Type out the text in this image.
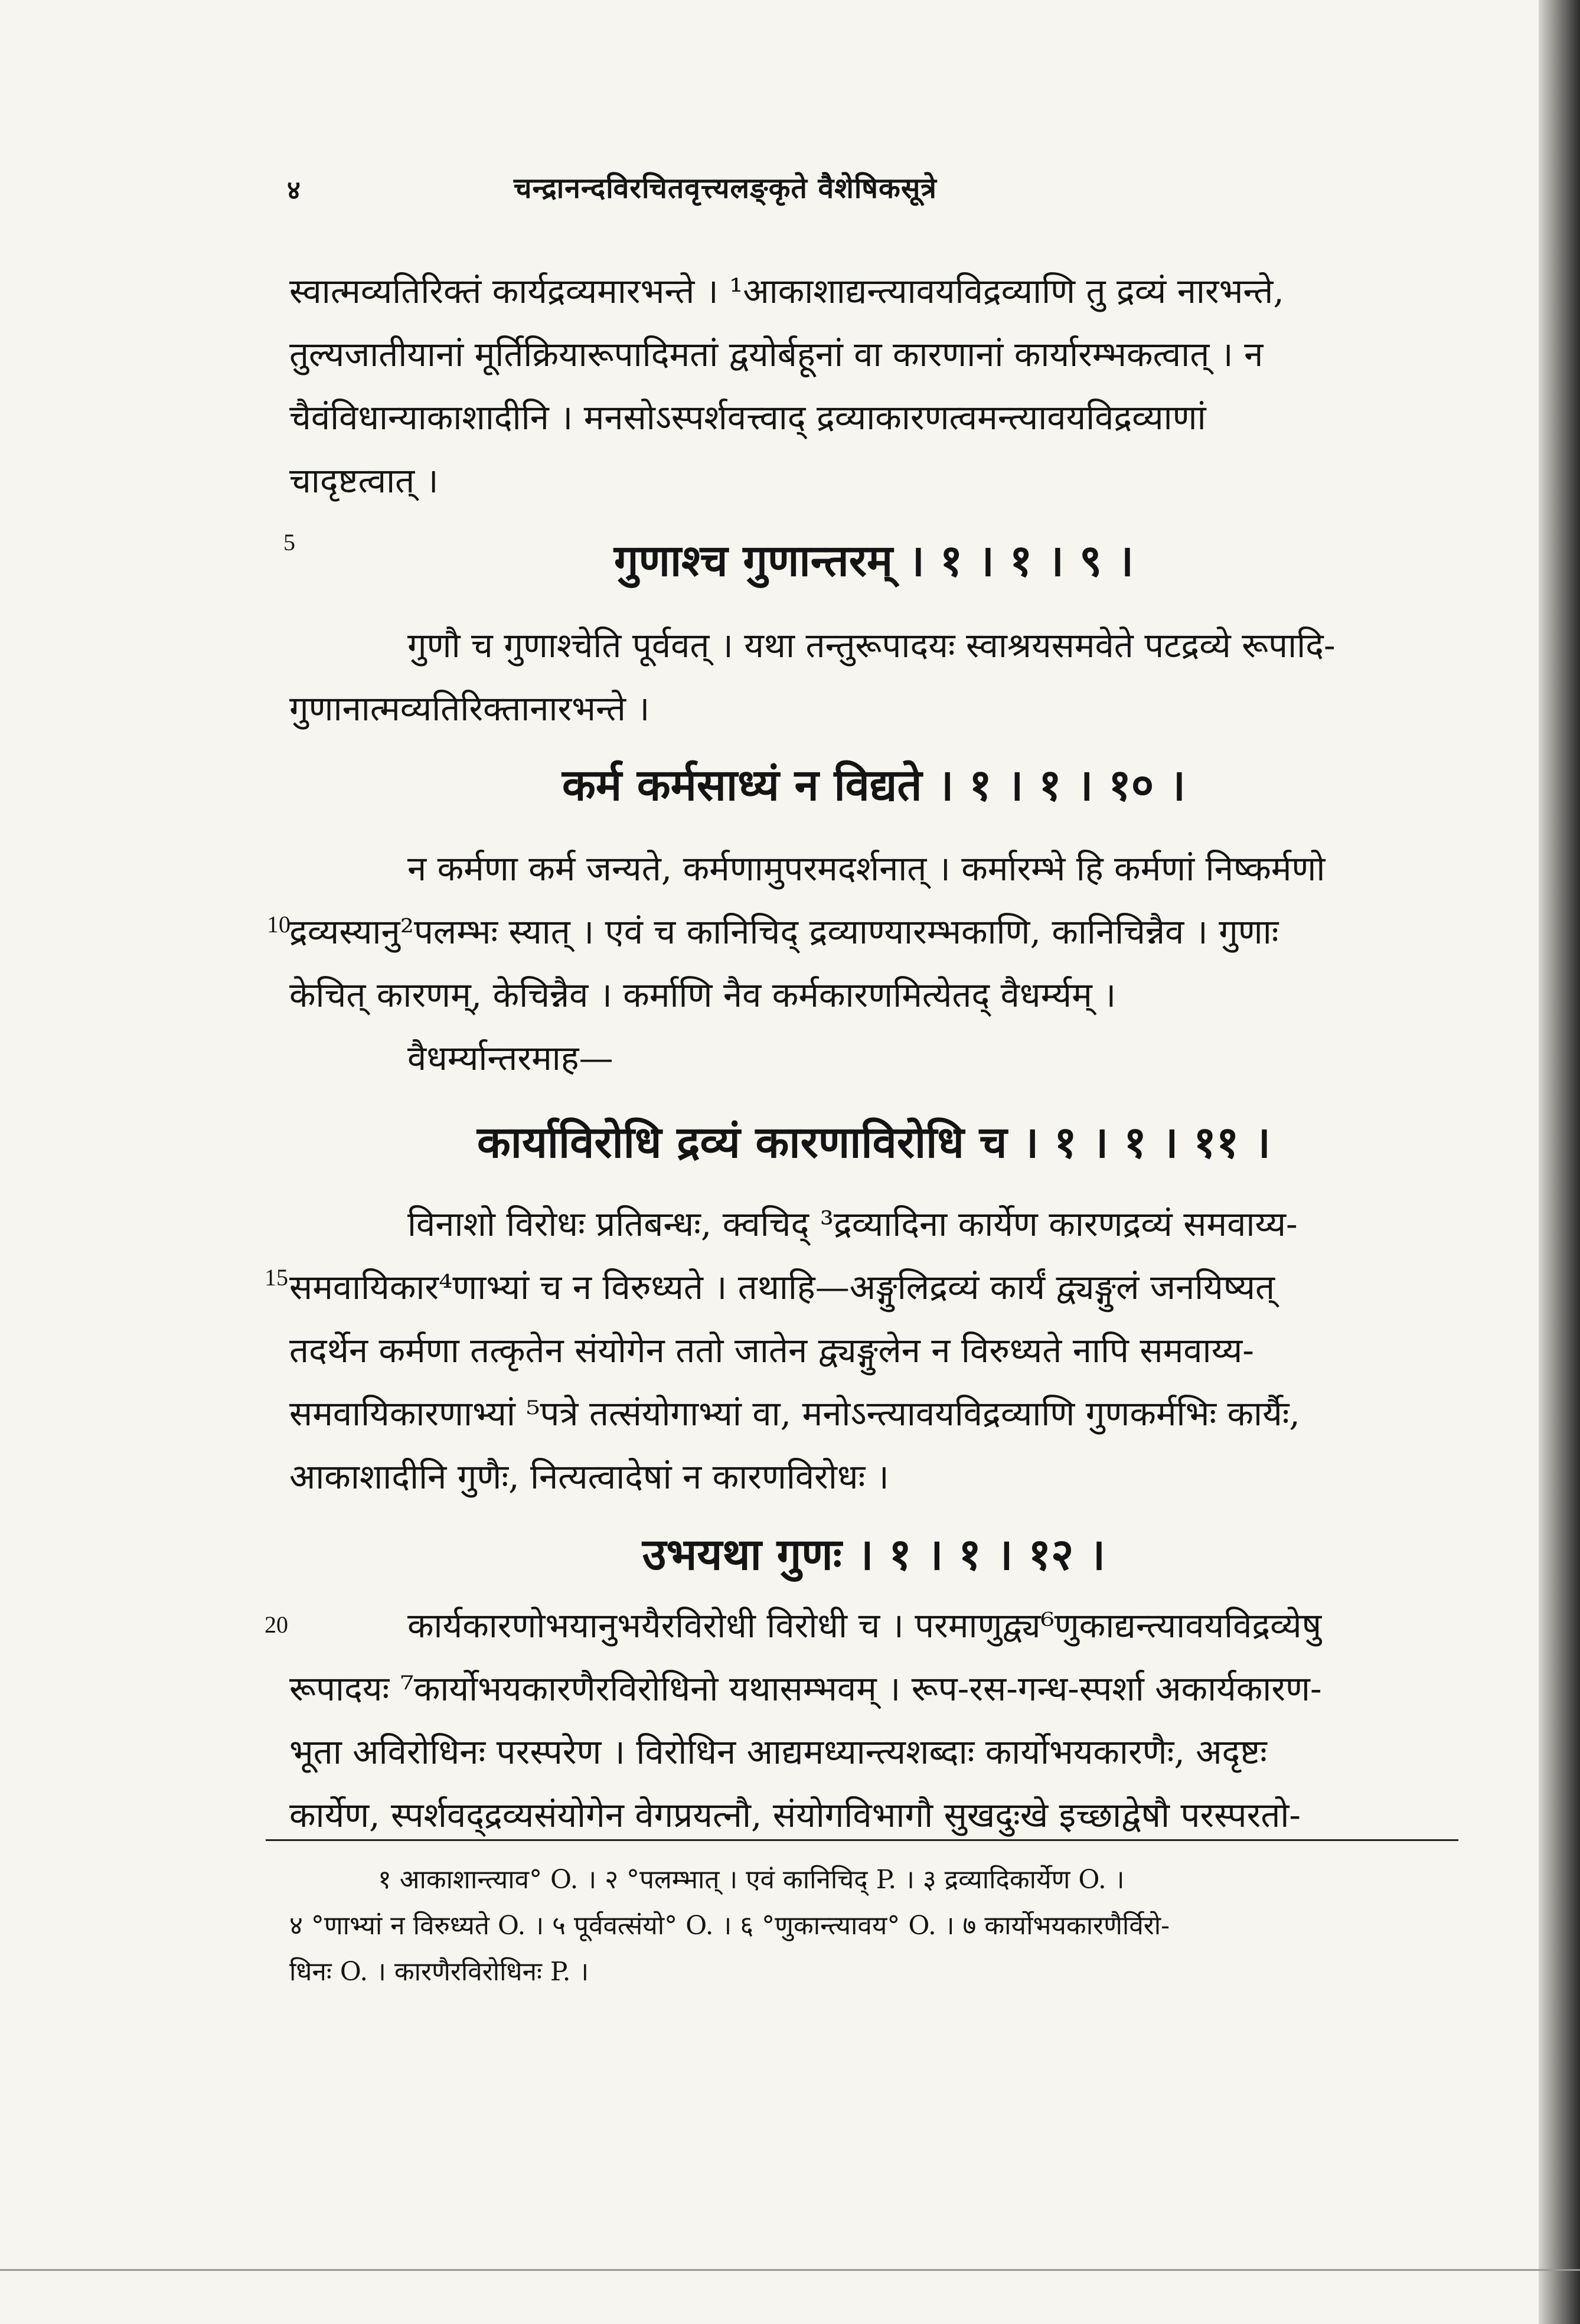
४	चन्द्रानन्दविरचितवृत्त्यलङ्कृते वैशेषिकसूत्रे
स्वात्मव्यतिरिक्तं कार्यद्रव्यमारभन्ते । ¹आकाशाद्यन्त्यावयविद्रव्याणि तु द्रव्यं नारभन्ते,
तुल्यजातीयानां मूर्तिक्रियारूपादिमतां द्वयोर्बहूनां वा कारणानां कार्यारम्भकत्वात् । न
चैवंविधान्याकाशादीनि । मनसोऽस्पर्शवत्त्वाद् द्रव्याकारणत्वमन्त्यावयविद्रव्याणां
चादृष्टत्वात् ।
5	गुणाश्च गुणान्तरम् । १ । १ । ९ ।
गुणौ च गुणाश्चेति पूर्ववत् । यथा तन्तुरूपादयः स्वाश्रयसमवेते पटद्रव्ये रूपादि-
गुणानात्मव्यतिरिक्तानारभन्ते ।
कर्म कर्मसाध्यं न विद्यते । १ । १ । १० ।
10
न कर्मणा कर्म जन्यते, कर्मणामुपरमदर्शनात् । कर्मारम्भे हि कर्मणां निष्कर्मणो
द्रव्यस्यानु²पलम्भः स्यात् । एवं च कानिचिद् द्रव्याण्यारम्भकाणि, कानिचिन्नैव । गुणाः
केचित् कारणम्, केचिन्नैव । कर्माणि नैव कर्मकारणमित्येतद् वैधर्म्यम् ।
वैधर्म्यान्तरमाह—
कार्याविरोधि द्रव्यं कारणाविरोधि च । १ । १ । ११ ।
15
विनाशो विरोधः प्रतिबन्धः, क्वचिद् ³द्रव्यादिना कार्येण कारणद्रव्यं समवाय्य-
समवायिकार⁴णाभ्यां च न विरुध्यते । तथाहि—अङ्गुलिद्रव्यं कार्यं द्व्यङ्गुलं जनयिष्यत्
तदर्थेन कर्मणा तत्कृतेन संयोगेन ततो जातेन द्व्यङ्गुलेन न विरुध्यते नापि समवाय्य-
समवायिकारणाभ्यां ⁵पत्रे तत्संयोगाभ्यां वा, मनोऽन्त्यावयविद्रव्याणि गुणकर्मभिः कार्यैः,
आकाशादीनि गुणैः, नित्यत्वादेषां न कारणविरोधः ।
उभयथा गुणः । १ । १ । १२ ।
20	कार्यकारणोभयानुभयैरविरोधी विरोधी च । परमाणुद्व्य⁶णुकाद्यन्त्यावयविद्रव्येषु
रूपादयः ⁷कार्योभयकारणैरविरोधिनो यथासम्भवम् । रूप-रस-गन्ध-स्पर्शा अकार्यकारण-
भूता अविरोधिनः परस्परेण । विरोधिन आद्यमध्यान्त्यशब्दाः कार्योभयकारणैः, अदृष्टः
कार्येण, स्पर्शवद्द्रव्यसंयोगेन वेगप्रयत्नौ, संयोगविभागौ सुखदुःखे इच्छाद्वेषौ परस्परतो-
१ आकाशान्त्याव° O. । २ °पलम्भात् । एवं कानिचिद् P. । ३ द्रव्यादिकार्येण O. ।
४ °णाभ्यां न विरुध्यते O. । ५ पूर्ववत्संयो° O. । ६ °णुकान्त्यावय° O. । ७ कार्योभयकारणैर्विरो-
धिनः O. । कारणैरविरोधिनः P. ।
